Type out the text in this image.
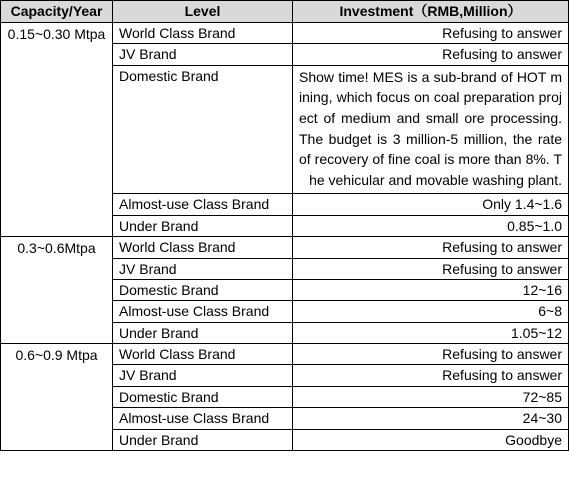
Capacity/Year	Level	Investment（RMB,Million）
0.15~0.30 Mtpa	World Class Brand	Refusing to answer
	JV Brand	Refusing to answer
	Domestic Brand	Show time! MES is a sub-brand of HOT mining, which focus on coal preparation project of medium and small ore processing. The budget is 3 million-5 million, the rate of recovery of fine coal is more than 8%. The vehicular and movable washing plant.
	Almost-use Class Brand	Only 1.4~1.6
	Under Brand	0.85~1.0
0.3~0.6Mtpa	World Class Brand	Refusing to answer
	JV Brand	Refusing to answer
	Domestic Brand	12~16
	Almost-use Class Brand	6~8
	Under Brand	1.05~12
0.6~0.9 Mtpa	World Class Brand	Refusing to answer
	JV Brand	Refusing to answer
	Domestic Brand	72~85
	Almost-use Class Brand	24~30
	Under Brand	Goodbye
